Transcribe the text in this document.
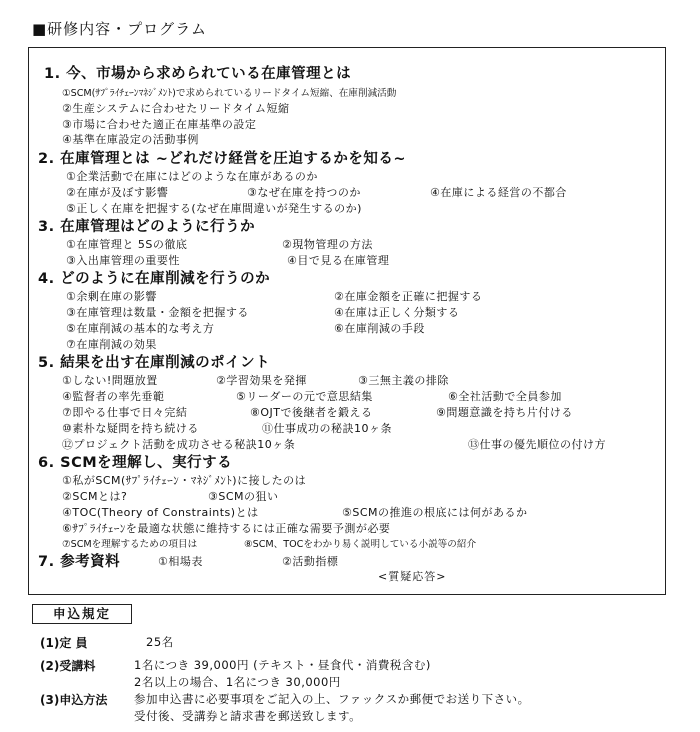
■研修内容・プログラム
1. 今、市場から求められている在庫管理とは
①SCM(ｻﾌﾟﾗｲﾁｪｰﾝﾏﾈｼﾞﾒﾝﾄ)で求められているリードタイム短縮、在庫削減活動
②生産システムに合わせたリードタイム短縮
③市場に合わせた適正在庫基準の設定
④基準在庫設定の活動事例
2. 在庫管理とは ~どれだけ経営を圧迫するかを知る~
①企業活動で在庫にはどのような在庫があるのか
②在庫が及ぼす影響	③なぜ在庫を持つのか	④在庫による経営の不都合
⑤正しく在庫を把握する(なぜ在庫間違いが発生するのか)
3. 在庫管理はどのように行うか
①在庫管理と 5Sの徹底	②現物管理の方法
③入出庫管理の重要性	④目で見る在庫管理
4. どのように在庫削減を行うのか
①余剰在庫の影響	②在庫金額を正確に把握する
③在庫管理は数量・金額を把握する	④在庫は正しく分類する
⑤在庫削減の基本的な考え方	⑥在庫削減の手段
⑦在庫削減の効果
5. 結果を出す在庫削減のポイント
①しない!問題放置	②学習効果を発揮	③三無主義の排除
④監督者の率先垂範	⑤リーダーの元で意思結集	⑥全社活動で全員参加
⑦即やる仕事で日々完結	⑧OJTで後継者を鍛える	⑨問題意識を持ち片付ける
⑩素朴な疑問を持ち続ける	⑪仕事成功の秘訣10ヶ条
⑫プロジェクト活動を成功させる秘訣10ヶ条	⑬仕事の優先順位の付け方
6. SCMを理解し、実行する
①私がSCM(ｻﾌﾟﾗｲﾁｪｰﾝ・ﾏﾈｼﾞﾒﾝﾄ)に接したのは
②SCMとは?	③SCMの狙い
④TOC(Theory of Constraints)とは	⑤SCMの推進の根底には何があるか
⑥ｻﾌﾟﾗｲﾁｪｰﾝを最適な状態に維持するには正確な需要予測が必要
⑦SCMを理解するための項目は	⑧SCM、TOCをわかり易く説明している小説等の紹介
7. 参考資料	①相場表	②活動指標
<質疑応答>
申込規定
(1)定 員	25名
(2)受講料	1名につき 39,000円 (テキスト・昼食代・消費税含む)
2名以上の場合、1名につき 30,000円
(3)申込方法 参加申込書に必要事項をご記入の上、ファックスか郵便でお送り下さい。
受付後、受講券と請求書を郵送致します。
